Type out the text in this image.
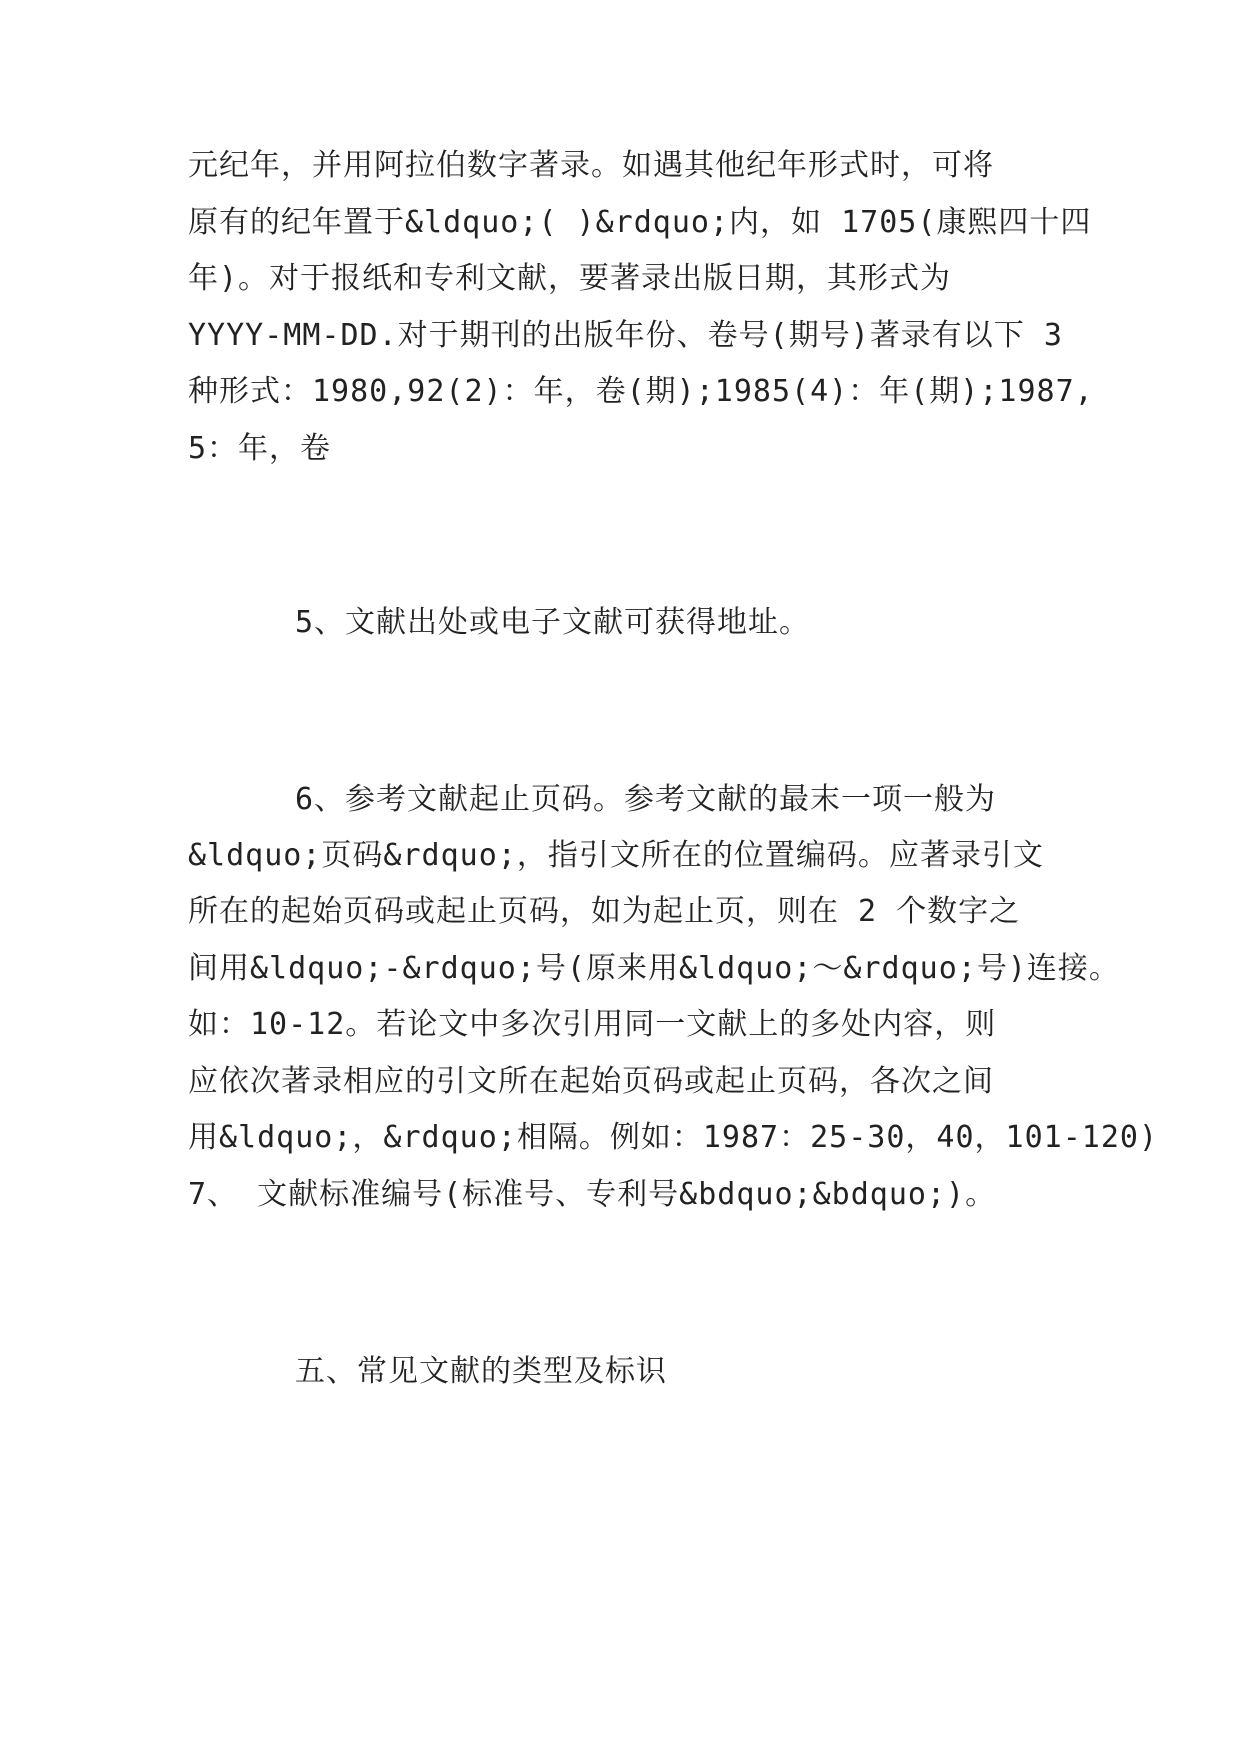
元纪年，并用阿拉伯数字著录。如遇其他纪年形式时，可将
原有的纪年置于&ldquo;( )&rdquo;内，如 1705(康熙四十四
年)。对于报纸和专利文献，要著录出版日期，其形式为
YYYY-MM-DD.对于期刊的出版年份、卷号(期号)著录有以下 3
种形式：1980,92(2)：年，卷(期);1985(4)：年(期);1987,
5：年，卷
5、文献出处或电子文献可获得地址。
6、参考文献起止页码。参考文献的最末一项一般为
&ldquo;页码&rdquo;，指引文所在的位置编码。应著录引文
所在的起始页码或起止页码，如为起止页，则在 2 个数字之
间用&ldquo;-&rdquo;号(原来用&ldquo;～&rdquo;号)连接。
如：10-12。若论文中多次引用同一文献上的多处内容，则
应依次著录相应的引文所在起始页码或起止页码，各次之间
用&ldquo;，&rdquo;相隔。例如：1987：25-30，40，101-120)
7、 文献标准编号(标准号、专利号&bdquo;&bdquo;)。
五、常见文献的类型及标识
